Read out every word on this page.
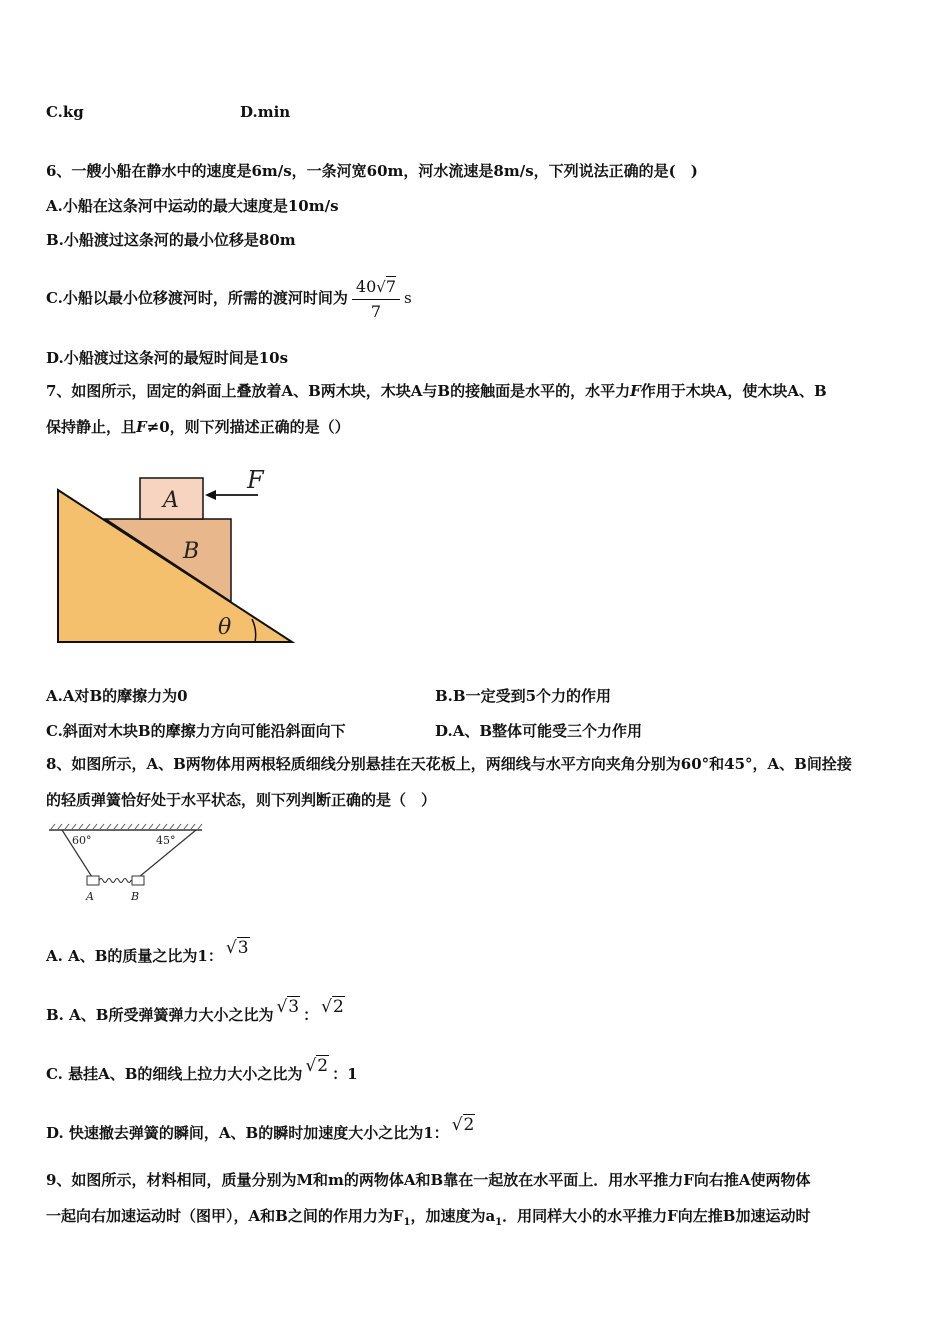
C.kg	D.min
6、一艘小船在静水中的速度是6m/s，一条河宽60m，河水流速是8m/s，下列说法正确的是(　)
A.小船在这条河中运动的最大速度是10m/s
B.小船渡过这条河的最小位移是80m
C.小船以最小位移渡河时，所需的渡河时间为 $\frac{40√7}{7}$ s
D.小船渡过这条河的最短时间是10s
7、如图所示，固定的斜面上叠放着A、B两木块，木块A与B的接触面是水平的，水平力F作用于木块A，使木块A、B
保持静止，且F≠0，则下列描述正确的是（）
A
B
F
θ
A.A对B的摩擦力为0	B.B一定受到5个力的作用
C.斜面对木块B的摩擦力方向可能沿斜面向下	D.A、B整体可能受三个力作用
8、如图所示，A、B两物体用两根轻质细线分别悬挂在天花板上，两细线与水平方向夹角分别为60°和45°，A、B间拴接
的轻质弹簧恰好处于水平状态，则下列判断正确的是（　）
60°	45°
A	B
A. A、B的质量之比为1： √3
B. A、B所受弹簧弹力大小之比为 √3 ： √2
C. 悬挂A、B的细线上拉力大小之比为 √2 ：1
D. 快速撤去弹簧的瞬间，A、B的瞬时加速度大小之比为1： √2
9、如图所示，材料相同，质量分别为M和m的两物体A和B靠在一起放在水平面上．用水平推力F向右推A使两物体
一起向右加速运动时（图甲），A和B之间的作用力为$F_1$，加速度为$a_1$．用同样大小的水平推力F向左推B加速运动时
